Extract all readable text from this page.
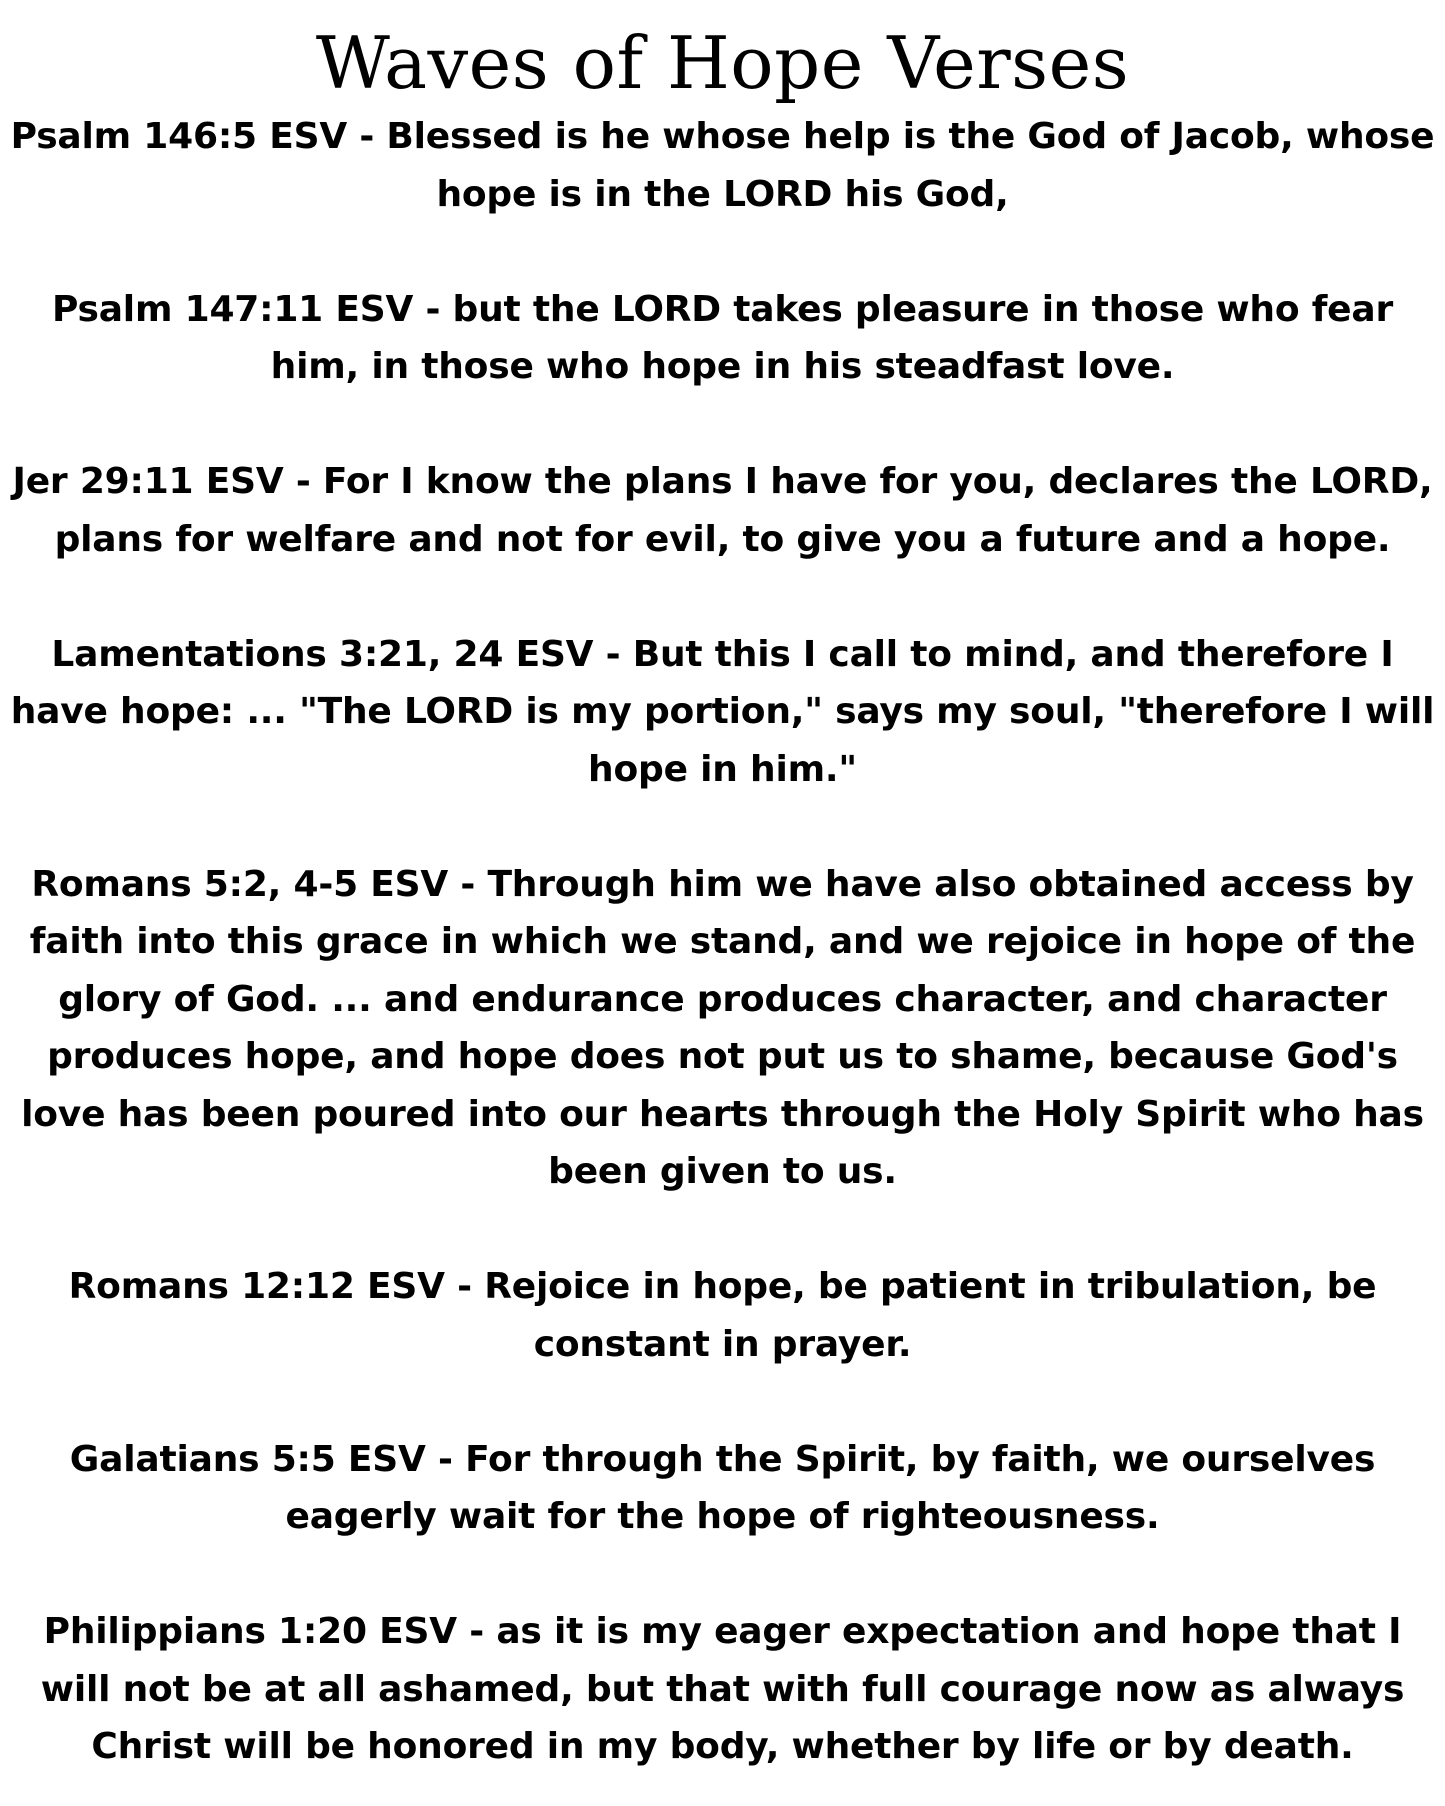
Waves of Hope Verses

Psalm 146:5 ESV - Blessed is he whose help is the God of Jacob, whose hope is in the LORD his God,

Psalm 147:11 ESV - but the LORD takes pleasure in those who fear him, in those who hope in his steadfast love.

Jer 29:11 ESV - For I know the plans I have for you, declares the LORD, plans for welfare and not for evil, to give you a future and a hope.

Lamentations 3:21, 24 ESV - But this I call to mind, and therefore I have hope: ... "The LORD is my portion," says my soul, "therefore I will hope in him."

Romans 5:2, 4-5 ESV - Through him we have also obtained access by faith into this grace in which we stand, and we rejoice in hope of the glory of God. ... and endurance produces character, and character produces hope, and hope does not put us to shame, because God's love has been poured into our hearts through the Holy Spirit who has been given to us.

Romans 12:12 ESV - Rejoice in hope, be patient in tribulation, be constant in prayer.

Galatians 5:5 ESV - For through the Spirit, by faith, we ourselves eagerly wait for the hope of righteousness.

Philippians 1:20 ESV - as it is my eager expectation and hope that I will not be at all ashamed, but that with full courage now as always Christ will be honored in my body, whether by life or by death.
